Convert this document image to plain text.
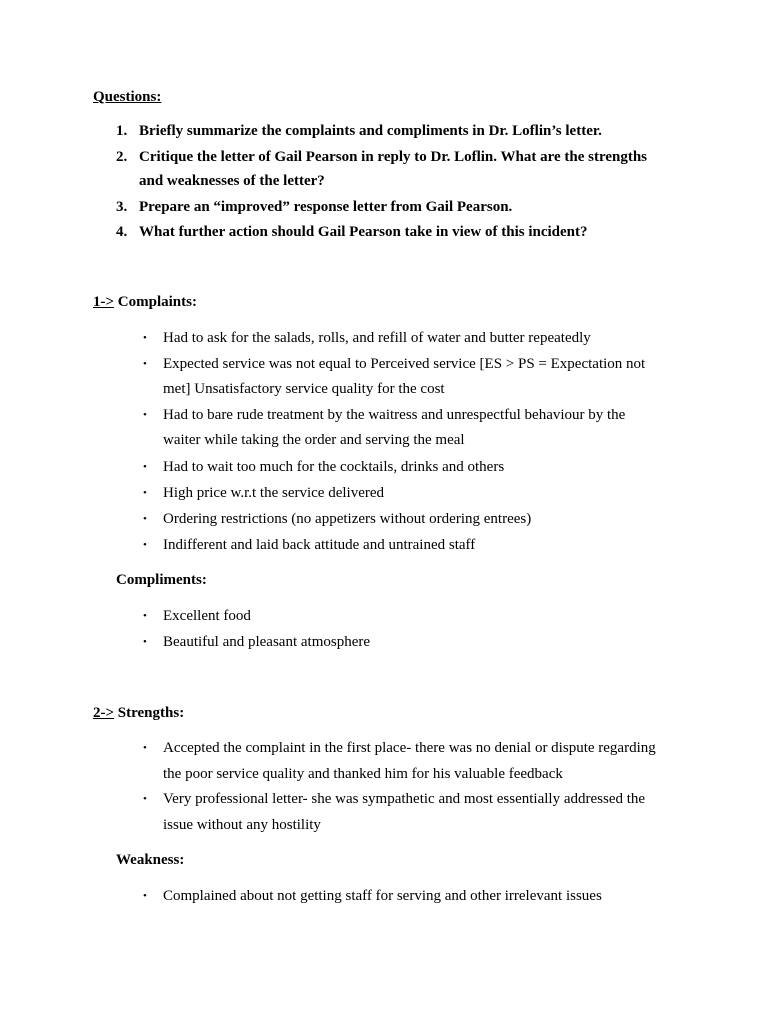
Questions:
1. Briefly summarize the complaints and compliments in Dr. Loflin’s letter.
2. Critique the letter of Gail Pearson in reply to Dr. Loflin. What are the strengths
and weaknesses of the letter?
3. Prepare an “improved” response letter from Gail Pearson.
4. What further action should Gail Pearson take in view of this incident?
1-> Complaints:
• Had to ask for the salads, rolls, and refill of water and butter repeatedly
• Expected service was not equal to Perceived service [ES > PS = Expectation not
met] Unsatisfactory service quality for the cost
• Had to bare rude treatment by the waitress and unrespectful behaviour by the
waiter while taking the order and serving the meal
• Had to wait too much for the cocktails, drinks and others
• High price w.r.t the service delivered
• Ordering restrictions (no appetizers without ordering entrees)
• Indifferent and laid back attitude and untrained staff
Compliments:
• Excellent food
• Beautiful and pleasant atmosphere
2-> Strengths:
• Accepted the complaint in the first place- there was no denial or dispute regarding
the poor service quality and thanked him for his valuable feedback
• Very professional letter- she was sympathetic and most essentially addressed the
issue without any hostility
Weakness:
• Complained about not getting staff for serving and other irrelevant issues
